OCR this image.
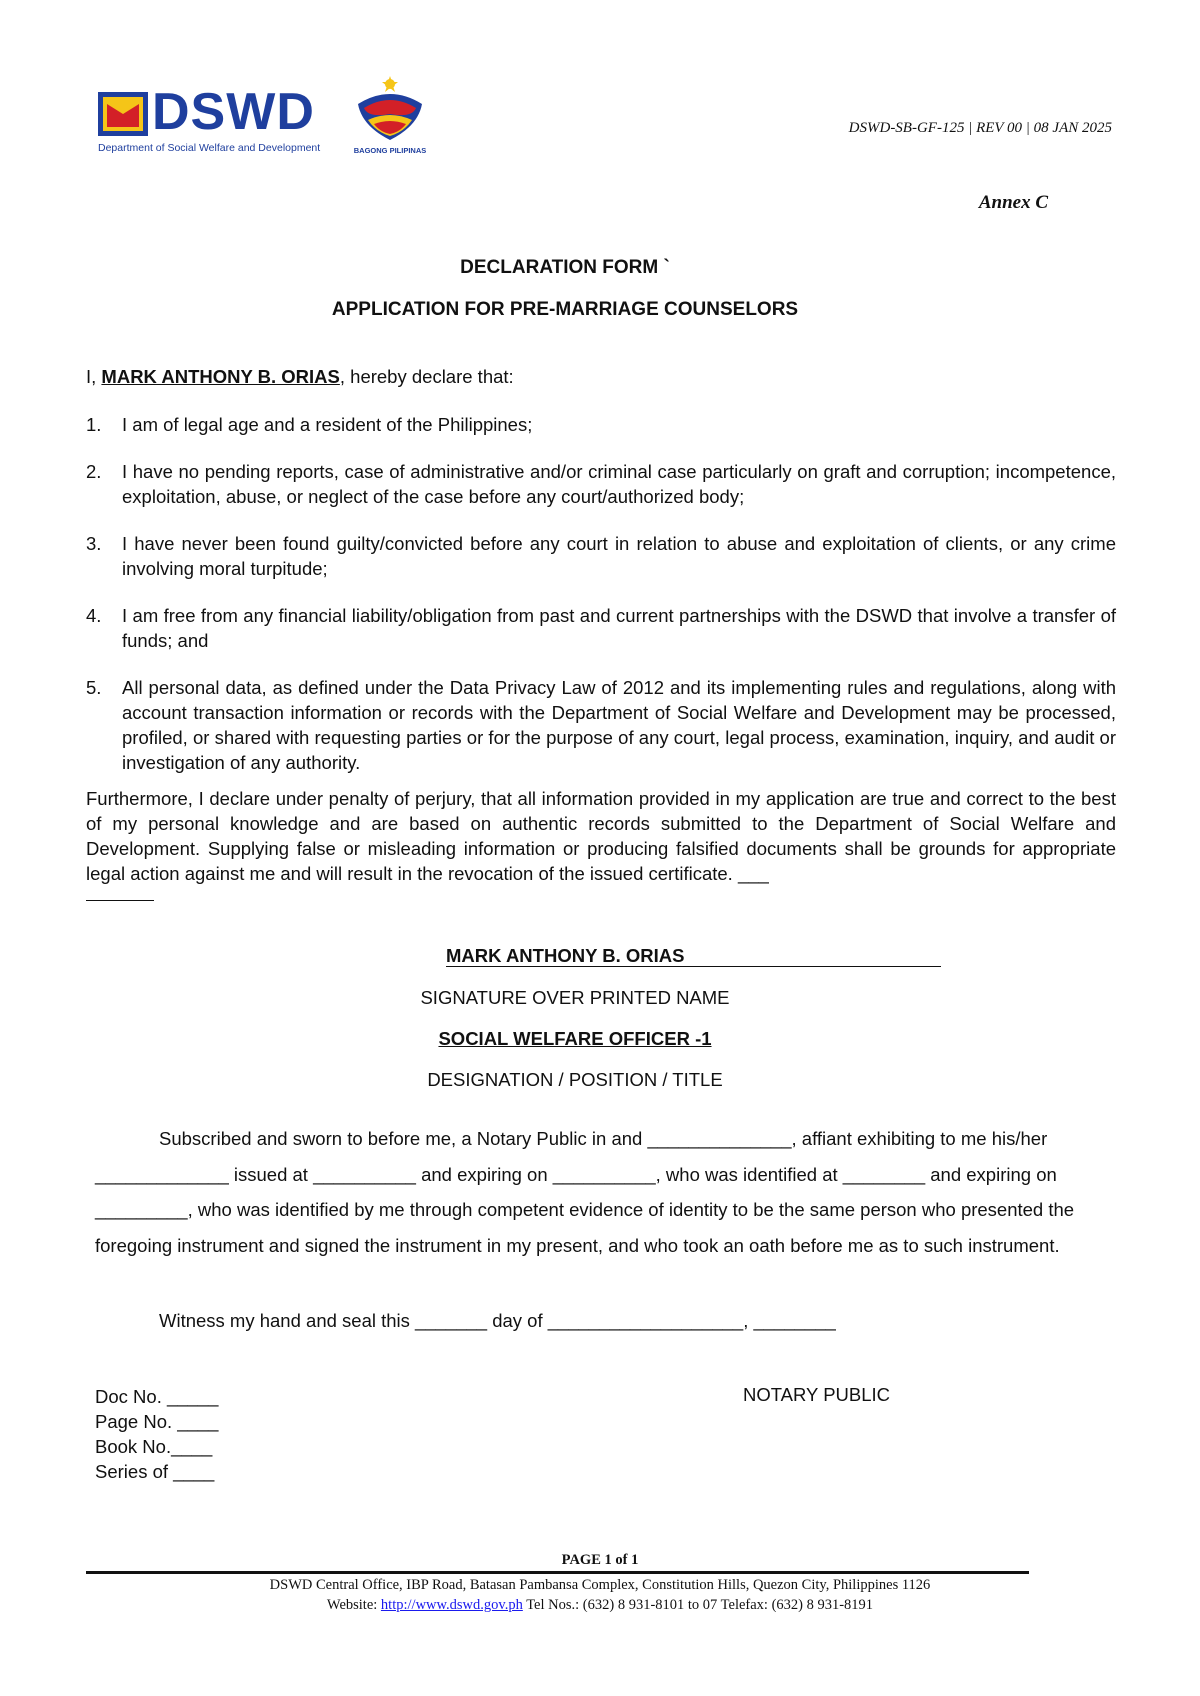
DSWD
Department of Social Welfare and Development	BAGONG PILIPINAS
DSWD-SB-GF-125 | REV 00 | 08 JAN 2025
Annex C
DECLARATION FORM `
APPLICATION FOR PRE-MARRIAGE COUNSELORS
I, MARK ANTHONY B. ORIAS, hereby declare that:
1.	I am of legal age and a resident of the Philippines;
2.	I have no pending reports, case of administrative and/or criminal case particularly on graft and corruption; incompetence, exploitation, abuse, or neglect of the case before any court/authorized body;
3.	I have never been found guilty/convicted before any court in relation to abuse and exploitation of clients, or any crime involving moral turpitude;
4.	I am free from any financial liability/obligation from past and current partnerships with the DSWD that involve a transfer of funds; and
5.	All personal data, as defined under the Data Privacy Law of 2012 and its implementing rules and regulations, along with account transaction information or records with the Department of Social Welfare and Development may be processed, profiled, or shared with requesting parties or for the purpose of any court, legal process, examination, inquiry, and audit or investigation of any authority.
Furthermore, I declare under penalty of perjury, that all information provided in my application are true and correct to the best of my personal knowledge and are based on authentic records submitted to the Department of Social Welfare and Development. Supplying false or misleading information or producing falsified documents shall be grounds for appropriate legal action against me and will result in the revocation of the issued certificate. ___
MARK ANTHONY B. ORIAS
SIGNATURE OVER PRINTED NAME
SOCIAL WELFARE OFFICER -1
DESIGNATION / POSITION / TITLE
Subscribed and sworn to before me, a Notary Public in and ______________, affiant exhibiting to me his/her _____________ issued at __________ and expiring on __________, who was identified at ________ and expiring on _________, who was identified by me through competent evidence of identity to be the same person who presented the foregoing instrument and signed the instrument in my present, and who took an oath before me as to such instrument.
Witness my hand and seal this _______ day of ___________________, ________
Doc No. _____
Page No. ____
Book No.____
Series of ____
NOTARY PUBLIC
PAGE 1 of 1
DSWD Central Office, IBP Road, Batasan Pambansa Complex, Constitution Hills, Quezon City, Philippines 1126
Website: http://www.dswd.gov.ph Tel Nos.: (632) 8 931-8101 to 07 Telefax: (632) 8 931-8191
